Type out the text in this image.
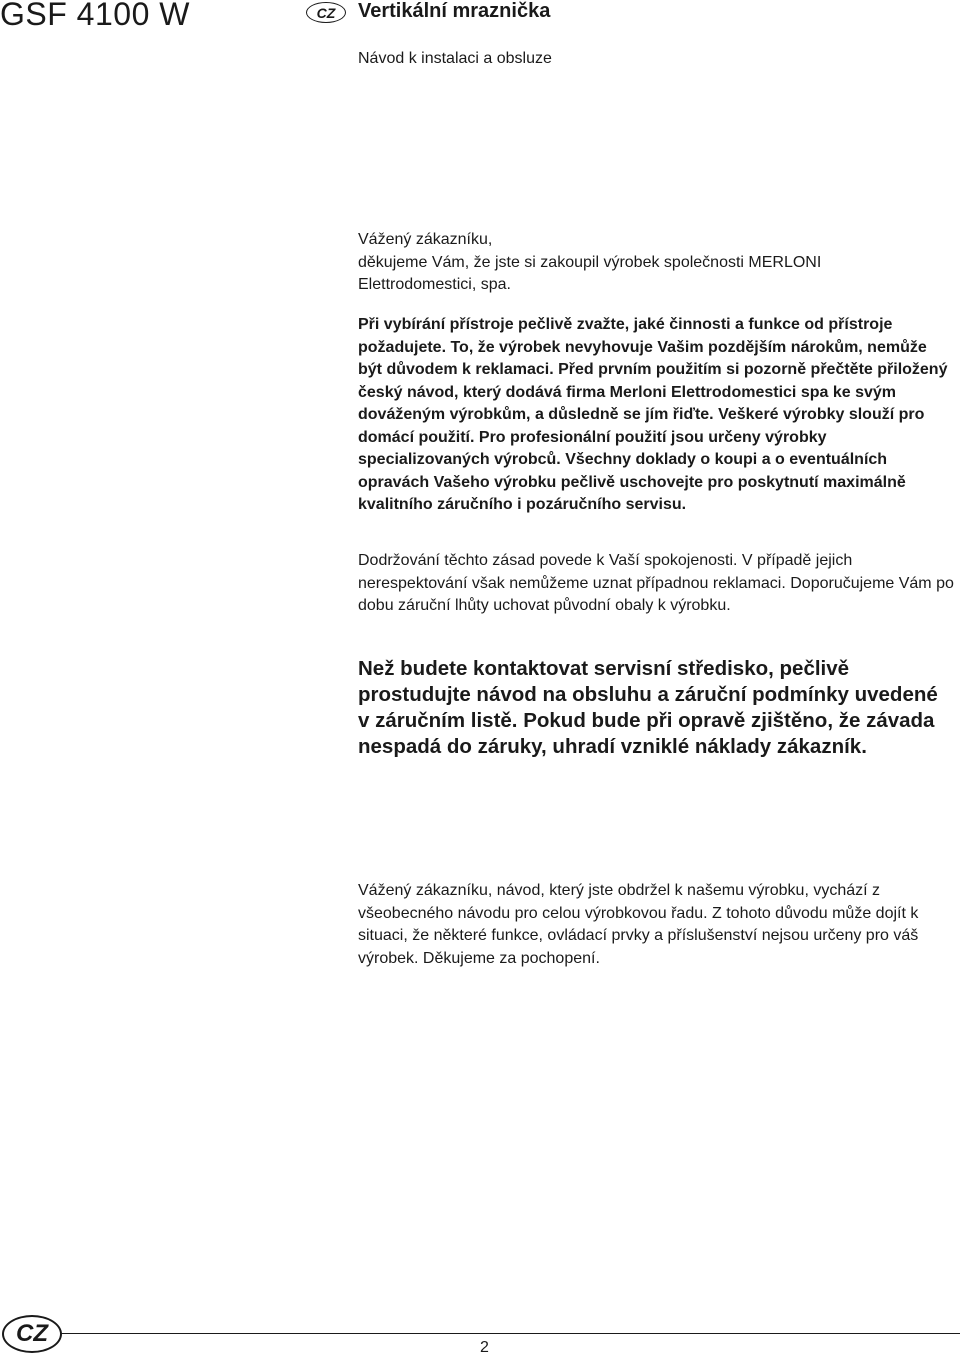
GSF 4100 W	CZ	Vertikální mraznička
Návod k instalaci a obsluze

Vážený zákazníku,

děkujeme Vám, že jste si zakoupil výrobek společnosti MERLONI

Elettrodomestici, spa.

Při vybírání přístroje pečlivě zvažte, jaké činnosti a funkce od přístroje požadujete. To, že výrobek nevyhovuje Vašim pozdějším nárokům, nemůže být důvodem k reklamaci. Před prvním použitím si pozorně přečtěte přiložený český návod, který dodává firma Merloni Elettrodomestici spa ke svým dováženým výrobkům, a důsledně se jím řiďte. Veškeré výrobky slouží pro domácí použití. Pro profesionální použití jsou určeny výrobky specializovaných výrobců. Všechny doklady o koupi a o eventuálních opravách Vašeho výrobku pečlivě uschovejte pro poskytnutí maximálně kvalitního záručního i pozáručního servisu.

Dodržování těchto zásad povede k Vaší spokojenosti. V případě jejich nerespektování však nemůžeme uznat případnou reklamaci. Doporučujeme Vám po dobu záruční lhůty uchovat původní obaly k výrobku.

Než budete kontaktovat servisní středisko, pečlivě prostudujte návod na obsluhu a záruční podmínky uvedené v záručním listě. Pokud bude při opravě zjištěno, že závada nespadá do záruky, uhradí vzniklé náklady zákazník.

Vážený zákazníku, návod, který jste obdržel k našemu výrobku, vychází z všeobecného návodu pro celou výrobkovou řadu. Z tohoto důvodu může dojít k situaci, že některé funkce, ovládací prvky a příslušenství nejsou určeny pro váš výrobek. Děkujeme za pochopení.

CZ
2
